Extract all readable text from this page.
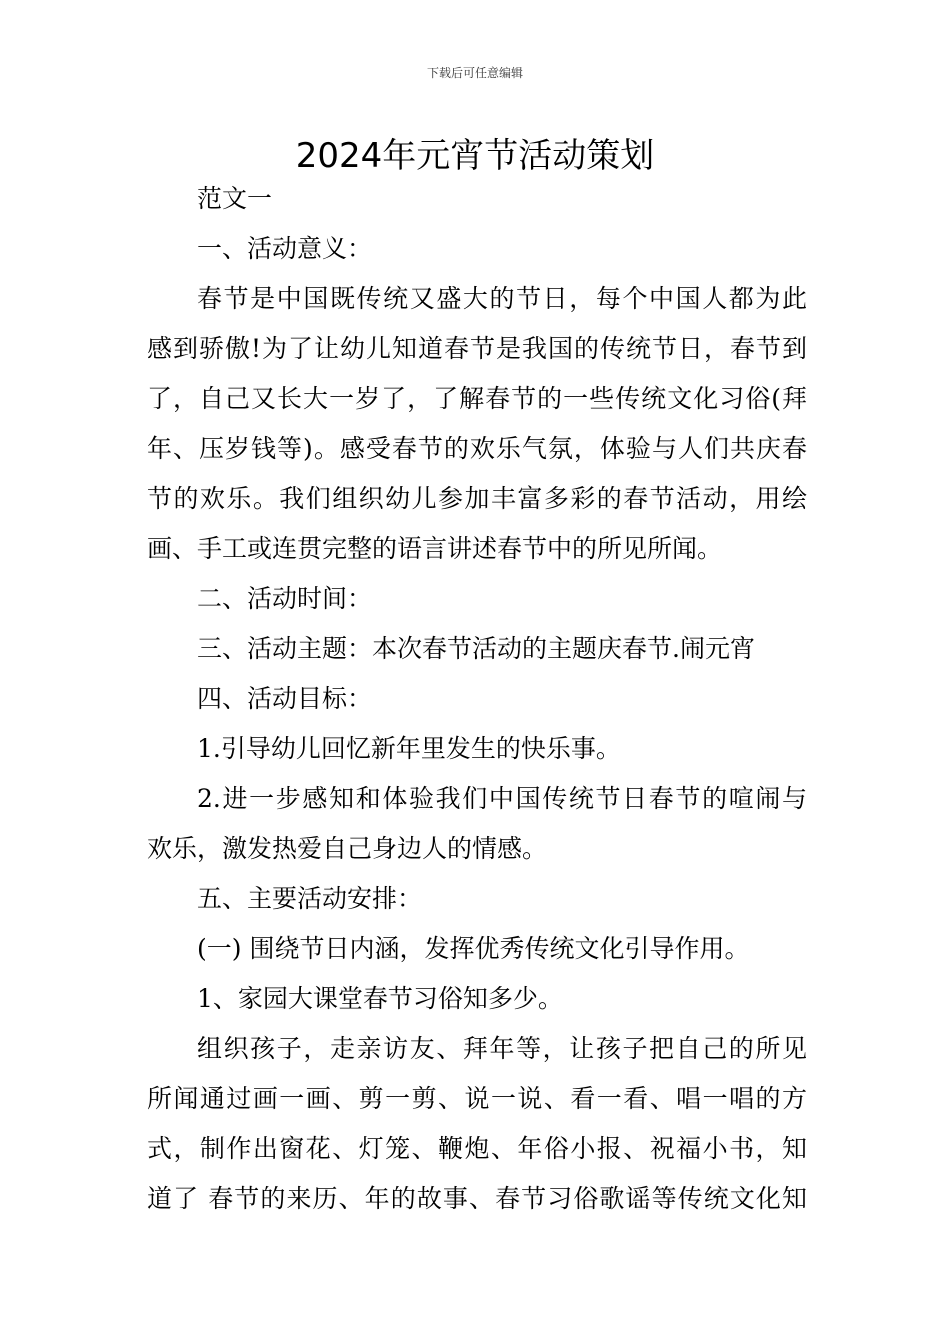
下载后可任意编辑
2024年元宵节活动策划
范文一
一、活动意义：
春节是中国既传统又盛大的节日，每个中国人都为此
感到骄傲!为了让幼儿知道春节是我国的传统节日，春节到
了，自己又长大一岁了，了解春节的一些传统文化习俗(拜
年、压岁钱等)。感受春节的欢乐气氛，体验与人们共庆春
节的欢乐。我们组织幼儿参加丰富多彩的春节活动，用绘
画、手工或连贯完整的语言讲述春节中的所见所闻。
二、活动时间：
三、活动主题：本次春节活动的主题庆春节.闹元宵
四、活动目标：
1.引导幼儿回忆新年里发生的快乐事。
2.进一步感知和体验我们中国传统节日春节的喧闹与
欢乐，激发热爱自己身边人的情感。
五、主要活动安排：
(一) 围绕节日内涵，发挥优秀传统文化引导作用。
1、家园大课堂春节习俗知多少。
组织孩子，走亲访友、拜年等，让孩子把自己的所见
所闻通过画一画、剪一剪、说一说、看一看、唱一唱的方
式，制作出窗花、灯笼、鞭炮、年俗小报、祝福小书，知
道了 春节的来历、年的故事、春节习俗歌谣等传统文化知
